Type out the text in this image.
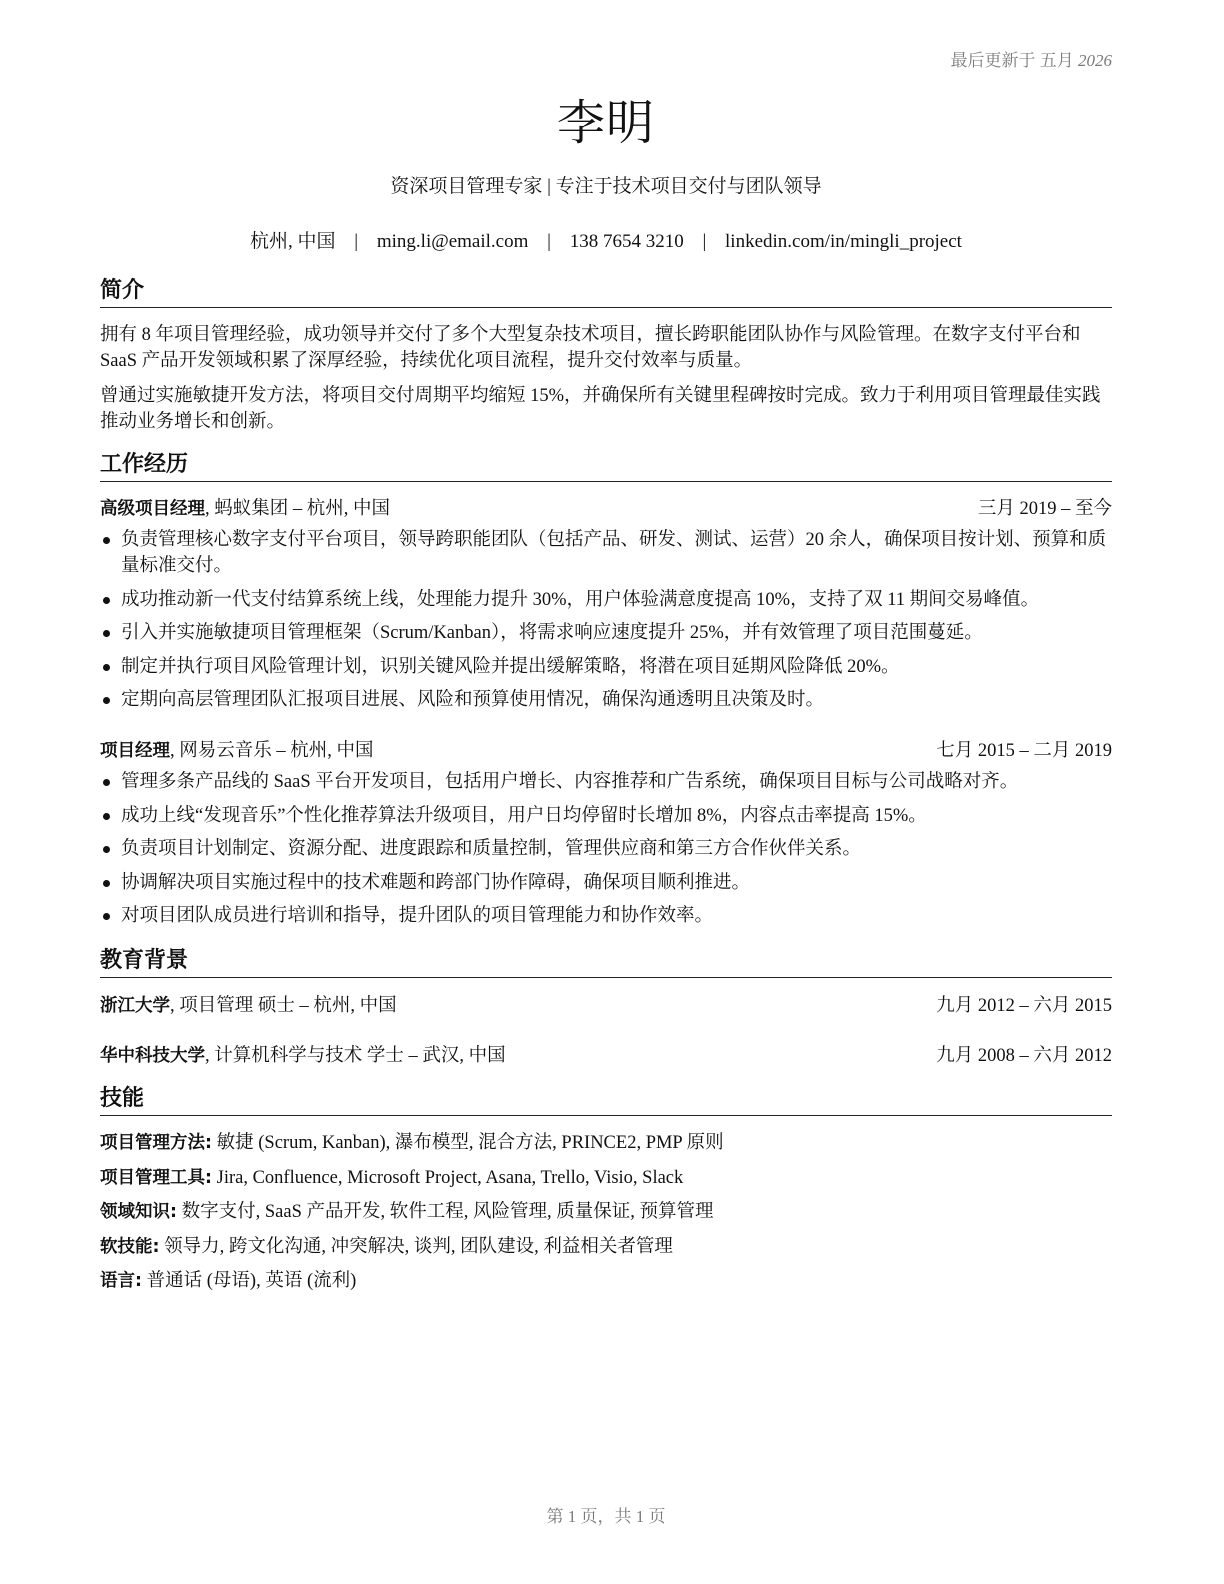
最后更新于 五月 2026
李明
资深项目管理专家 | 专注于技术项目交付与团队领导
杭州, 中国 | ming.li@email.com | 138 7654 3210 | linkedin.com/in/mingli_project
简介
拥有 8 年项目管理经验，成功领导并交付了多个大型复杂技术项目，擅长跨职能团队协作与风险管理。在数字支付平台和 SaaS 产品开发领域积累了深厚经验，持续优化项目流程，提升交付效率与质量。
曾通过实施敏捷开发方法，将项目交付周期平均缩短 15%，并确保所有关键里程碑按时完成。致力于利用项目管理最佳实践推动业务增长和创新。
工作经历
高级项目经理, 蚂蚁集团 – 杭州, 中国	三月 2019 – 至今
负责管理核心数字支付平台项目，领导跨职能团队（包括产品、研发、测试、运营）20 余人，确保项目按计划、预算和质量标准交付。
成功推动新一代支付结算系统上线，处理能力提升 30%，用户体验满意度提高 10%，支持了双 11 期间交易峰值。
引入并实施敏捷项目管理框架（Scrum/Kanban），将需求响应速度提升 25%，并有效管理了项目范围蔓延。
制定并执行项目风险管理计划，识别关键风险并提出缓解策略，将潜在项目延期风险降低 20%。
定期向高层管理团队汇报项目进展、风险和预算使用情况，确保沟通透明且决策及时。
项目经理, 网易云音乐 – 杭州, 中国	七月 2015 – 二月 2019
管理多条产品线的 SaaS 平台开发项目，包括用户增长、内容推荐和广告系统，确保项目目标与公司战略对齐。
成功上线“发现音乐”个性化推荐算法升级项目，用户日均停留时长增加 8%，内容点击率提高 15%。
负责项目计划制定、资源分配、进度跟踪和质量控制，管理供应商和第三方合作伙伴关系。
协调解决项目实施过程中的技术难题和跨部门协作障碍，确保项目顺利推进。
对项目团队成员进行培训和指导，提升团队的项目管理能力和协作效率。
教育背景
浙江大学, 项目管理 硕士 – 杭州, 中国	九月 2012 – 六月 2015
华中科技大学, 计算机科学与技术 学士 – 武汉, 中国	九月 2008 – 六月 2012
技能
项目管理方法: 敏捷 (Scrum, Kanban), 瀑布模型, 混合方法, PRINCE2, PMP 原则
项目管理工具: Jira, Confluence, Microsoft Project, Asana, Trello, Visio, Slack
领域知识: 数字支付, SaaS 产品开发, 软件工程, 风险管理, 质量保证, 预算管理
软技能: 领导力, 跨文化沟通, 冲突解决, 谈判, 团队建设, 利益相关者管理
语言: 普通话 (母语), 英语 (流利)
第 1 页，共 1 页
